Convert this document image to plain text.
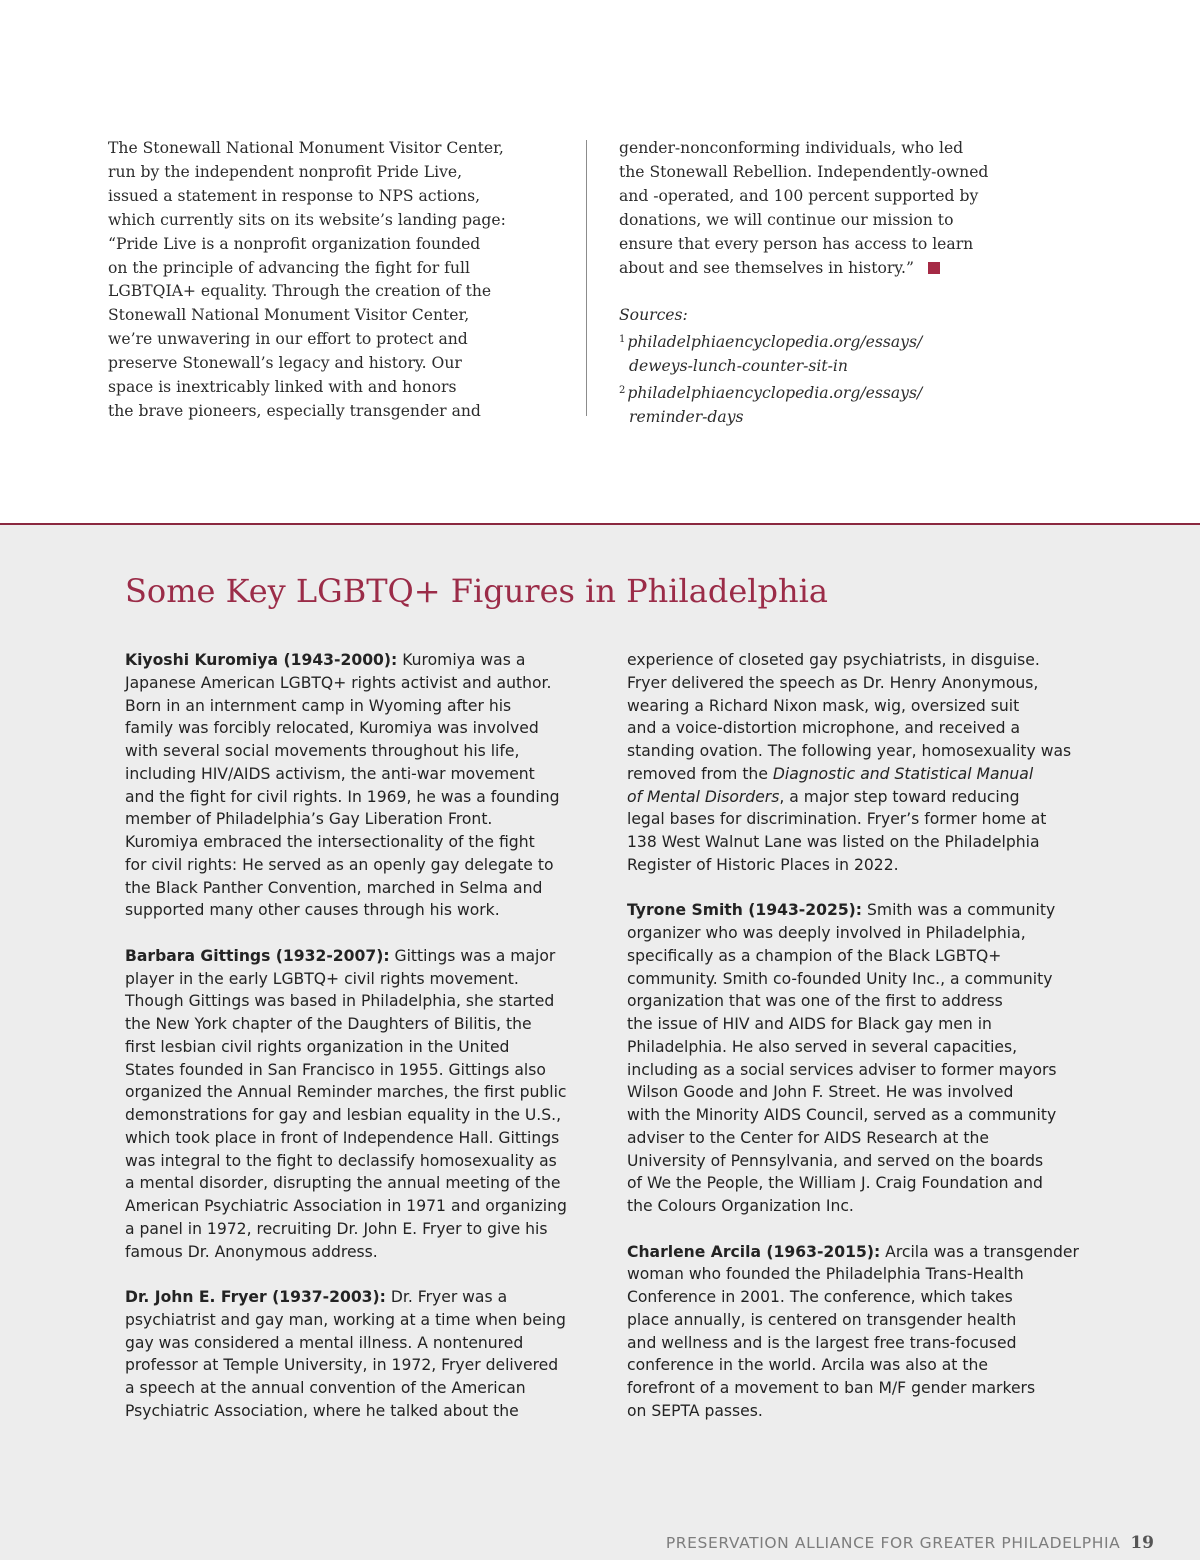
The Stonewall National Monument Visitor Center,
run by the independent nonprofit Pride Live,
issued a statement in response to NPS actions,
which currently sits on its website’s landing page:
“Pride Live is a nonprofit organization founded
on the principle of advancing the fight for full
LGBTQIA+ equality. Through the creation of the
Stonewall National Monument Visitor Center,
we’re unwavering in our effort to protect and
preserve Stonewall’s legacy and history. Our
space is inextricably linked with and honors
the brave pioneers, especially transgender and
gender-nonconforming individuals, who led
the Stonewall Rebellion. Independently-owned
and -operated, and 100 percent supported by
donations, we will continue our mission to
ensure that every person has access to learn
about and see themselves in history.”
Sources:
$^1$ philadelphiaencyclopedia.org/essays/
deweys-lunch-counter-sit-in
$^2$ philadelphiaencyclopedia.org/essays/
reminder-days
Some Key LGBTQ+ Figures in Philadelphia
Kiyoshi Kuromiya (1943-2000): Kuromiya was a
Japanese American LGBTQ+ rights activist and author.
Born in an internment camp in Wyoming after his
family was forcibly relocated, Kuromiya was involved
with several social movements throughout his life,
including HIV/AIDS activism, the anti-war movement
and the fight for civil rights. In 1969, he was a founding
member of Philadelphia’s Gay Liberation Front.
Kuromiya embraced the intersectionality of the fight
for civil rights: He served as an openly gay delegate to
the Black Panther Convention, marched in Selma and
supported many other causes through his work.
Barbara Gittings (1932-2007): Gittings was a major
player in the early LGBTQ+ civil rights movement.
Though Gittings was based in Philadelphia, she started
the New York chapter of the Daughters of Bilitis, the
first lesbian civil rights organization in the United
States founded in San Francisco in 1955. Gittings also
organized the Annual Reminder marches, the first public
demonstrations for gay and lesbian equality in the U.S.,
which took place in front of Independence Hall. Gittings
was integral to the fight to declassify homosexuality as
a mental disorder, disrupting the annual meeting of the
American Psychiatric Association in 1971 and organizing
a panel in 1972, recruiting Dr. John E. Fryer to give his
famous Dr. Anonymous address.
Dr. John E. Fryer (1937-2003): Dr. Fryer was a
psychiatrist and gay man, working at a time when being
gay was considered a mental illness. A nontenured
professor at Temple University, in 1972, Fryer delivered
a speech at the annual convention of the American
Psychiatric Association, where he talked about the
experience of closeted gay psychiatrists, in disguise.
Fryer delivered the speech as Dr. Henry Anonymous,
wearing a Richard Nixon mask, wig, oversized suit
and a voice-distortion microphone, and received a
standing ovation. The following year, homosexuality was
removed from the Diagnostic and Statistical Manual
of Mental Disorders, a major step toward reducing
legal bases for discrimination. Fryer’s former home at
138 West Walnut Lane was listed on the Philadelphia
Register of Historic Places in 2022.
Tyrone Smith (1943-2025): Smith was a community
organizer who was deeply involved in Philadelphia,
specifically as a champion of the Black LGBTQ+
community. Smith co-founded Unity Inc., a community
organization that was one of the first to address
the issue of HIV and AIDS for Black gay men in
Philadelphia. He also served in several capacities,
including as a social services adviser to former mayors
Wilson Goode and John F. Street. He was involved
with the Minority AIDS Council, served as a community
adviser to the Center for AIDS Research at the
University of Pennsylvania, and served on the boards
of We the People, the William J. Craig Foundation and
the Colours Organization Inc.
Charlene Arcila (1963-2015): Arcila was a transgender
woman who founded the Philadelphia Trans-Health
Conference in 2001. The conference, which takes
place annually, is centered on transgender health
and wellness and is the largest free trans-focused
conference in the world. Arcila was also at the
forefront of a movement to ban M/F gender markers
on SEPTA passes.
PRESERVATION ALLIANCE FOR GREATER PHILADELPHIA 19
